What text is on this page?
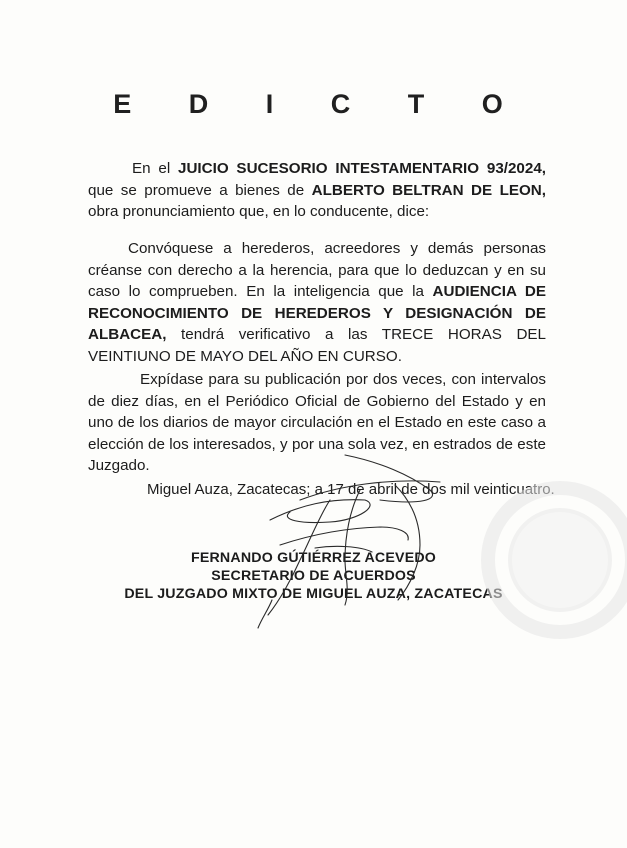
E D I C T O

En el JUICIO SUCESORIO INTESTAMENTARIO 93/2024, que se promueve a bienes de ALBERTO BELTRAN DE LEON, obra pronunciamiento que, en lo conducente, dice:

Convóquese a herederos, acreedores y demás personas créanse con derecho a la herencia, para que lo deduzcan y en su caso lo comprueben. En la inteligencia que la AUDIENCIA DE RECONOCIMIENTO DE HEREDEROS Y DESIGNACIÓN DE ALBACEA, tendrá verificativo a las TRECE HORAS DEL VEINTIUNO DE MAYO DEL AÑO EN CURSO.

Expídase para su publicación por dos veces, con intervalos de diez días, en el Periódico Oficial de Gobierno del Estado y en uno de los diarios de mayor circulación en el Estado en este caso a elección de los interesados, y por una sola vez, en estrados de este Juzgado.

Miguel Auza, Zacatecas; a 17 de abril de dos mil veinticuatro.
FERNANDO GÚTIÉRREZ ACEVEDO
SECRETARIO DE ACUERDOS
DEL JUZGADO MIXTO DE MIGUEL AUZA, ZACATECAS
